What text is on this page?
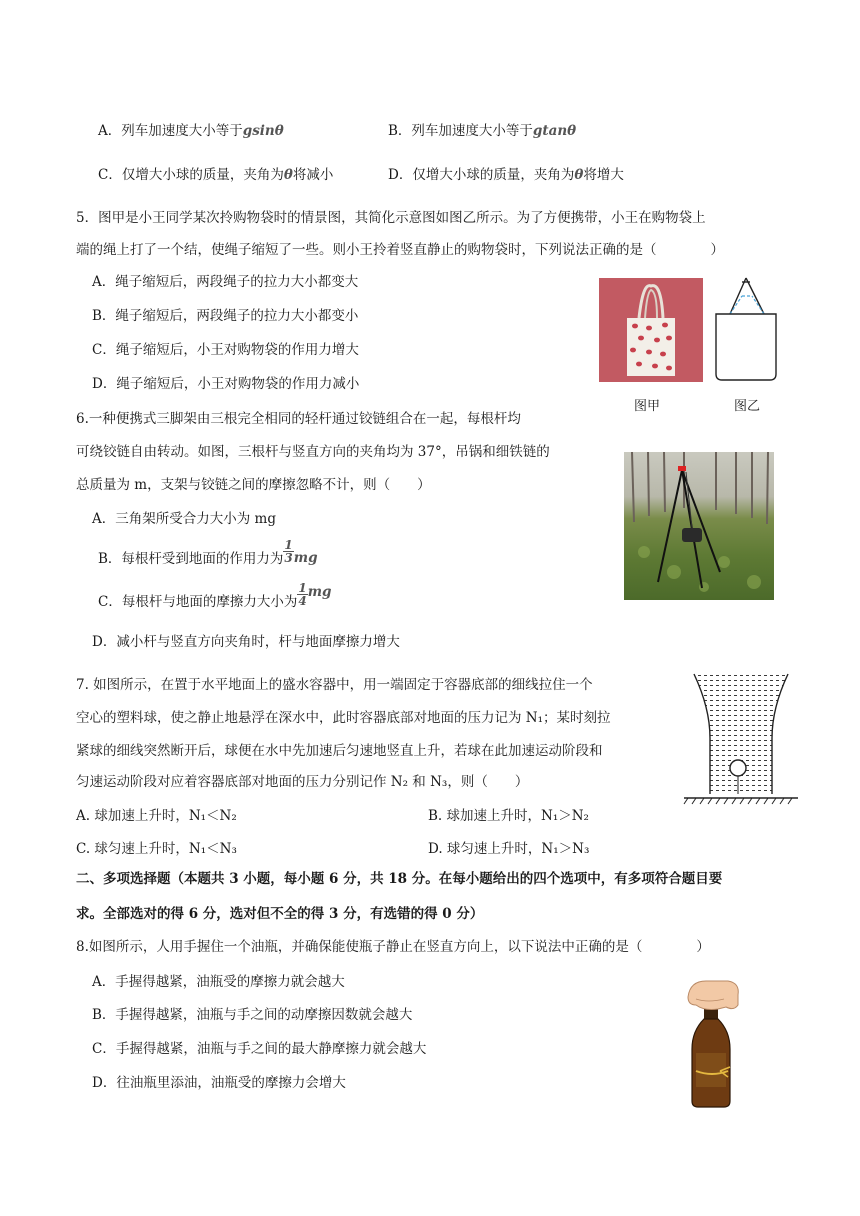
A．列车加速度大小等于gsinθ	B．列车加速度大小等于gtanθ
C．仅增大小球的质量，夹角为θ将减小	D．仅增大小球的质量，夹角为θ将增大
5．图甲是小王同学某次拎购物袋时的情景图，其简化示意图如图乙所示。为了方便携带，小王在购物袋上
端的绳上打了一个结，使绳子缩短了一些。则小王拎着竖直静止的购物袋时，下列说法正确的是（　　　　）
A．绳子缩短后，两段绳子的拉力大小都变大
B．绳子缩短后，两段绳子的拉力大小都变小
C．绳子缩短后，小王对购物袋的作用力增大
D．绳子缩短后，小王对购物袋的作用力减小
图甲	图乙
6.一种便携式三脚架由三根完全相同的轻杆通过铰链组合在一起，每根杆均
可绕铰链自由转动。如图，三根杆与竖直方向的夹角均为 37°，吊锅和细铁链的
总质量为 m，支架与铰链之间的摩擦忽略不计，则（　　）
A．三角架所受合力大小为 mg
B．每根杆受到地面的作用力为 $\frac{1}{3}$ mg
C．每根杆与地面的摩擦力大小为 $\frac{1}{4}$ mg
D．减小杆与竖直方向夹角时，杆与地面摩擦力增大
7. 如图所示，在置于水平地面上的盛水容器中，用一端固定于容器底部的细线拉住一个
空心的塑料球，使之静止地悬浮在深水中，此时容器底部对地面的压力记为 N₁；某时刻拉
紧球的细线突然断开后，球便在水中先加速后匀速地竖直上升，若球在此加速运动阶段和
匀速运动阶段对应着容器底部对地面的压力分别记作 N₂ 和 N₃，则（　　）
A. 球加速上升时，N₁＜N₂	B. 球加速上升时，N₁＞N₂
C. 球匀速上升时，N₁＜N₃	D. 球匀速上升时，N₁＞N₃
二、多项选择题（本题共 3 小题，每小题 6 分，共 18 分。在每小题给出的四个选项中，有多项符合题目要
求。全部选对的得 6 分，选对但不全的得 3 分，有选错的得 0 分）
8.如图所示，人用手握住一个油瓶，并确保能使瓶子静止在竖直方向上，以下说法中正确的是（　　　　）
A．手握得越紧，油瓶受的摩擦力就会越大
B．手握得越紧，油瓶与手之间的动摩擦因数就会越大
C．手握得越紧，油瓶与手之间的最大静摩擦力就会越大
D．往油瓶里添油，油瓶受的摩擦力会增大
